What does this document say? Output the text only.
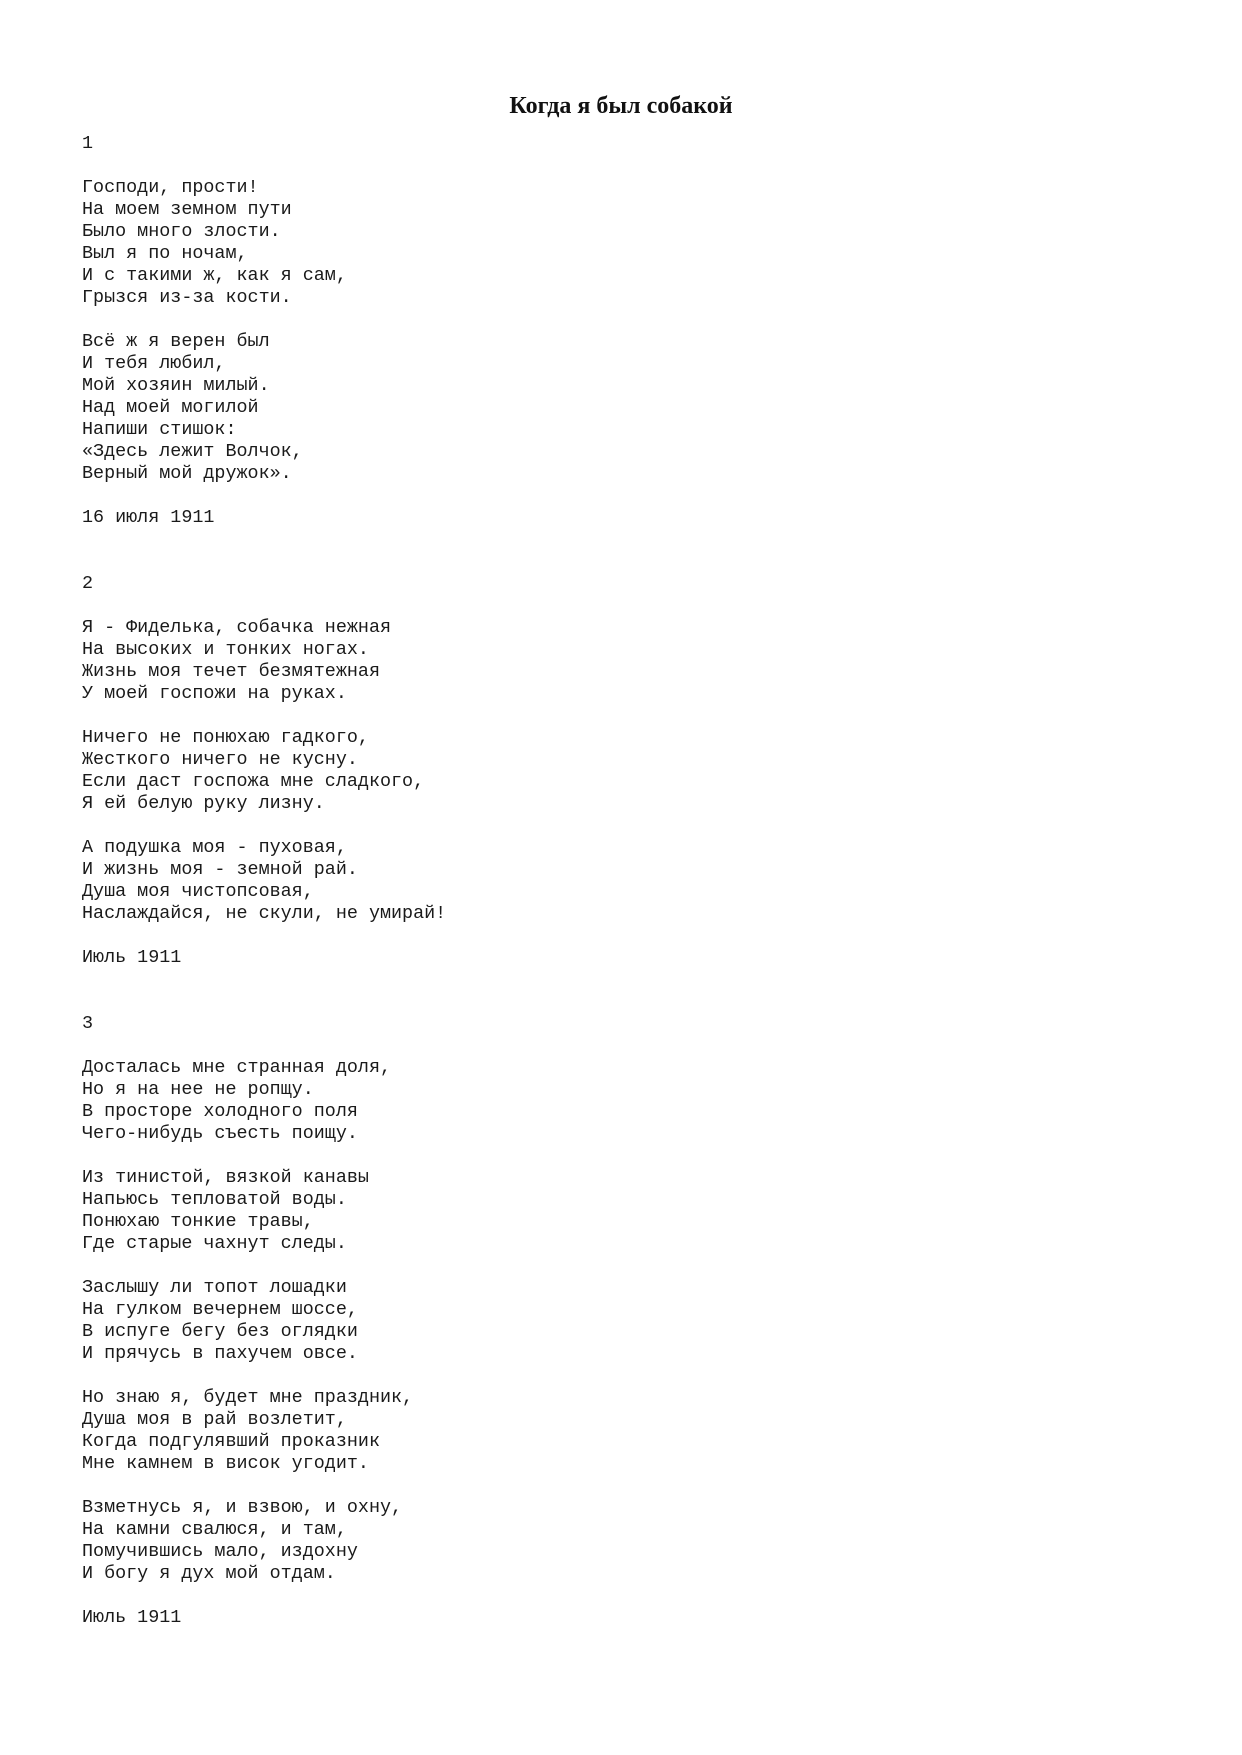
Когда я был собакой
1
Господи, прости!
На моем земном пути
Было много злости.
Выл я по ночам,
И с такими ж, как я сам,
Грызся из-за кости.
Всё ж я верен был
И тебя любил,
Мой хозяин милый.
Над моей могилой
Напиши стишок:
«Здесь лежит Волчок,
Верный мой дружок».
16 июля 1911
2
Я - Фиделька, собачка нежная
На высоких и тонких ногах.
Жизнь моя течет безмятежная
У моей госпожи на руках.
Ничего не понюхаю гадкого,
Жесткого ничего не кусну.
Если даст госпожа мне сладкого,
Я ей белую руку лизну.
А подушка моя - пуховая,
И жизнь моя - земной рай.
Душа моя чистопсовая,
Наслаждайся, не скули, не умирай!
Июль 1911
3
Досталась мне странная доля,
Но я на нее не ропщу.
В просторе холодного поля
Чего-нибудь съесть поищу.
Из тинистой, вязкой канавы
Напьюсь тепловатой воды.
Понюхаю тонкие травы,
Где старые чахнут следы.
Заслышу ли топот лошадки
На гулком вечернем шоссе,
В испуге бегу без оглядки
И прячусь в пахучем овсе.
Но знаю я, будет мне праздник,
Душа моя в рай возлетит,
Когда подгулявший проказник
Мне камнем в висок угодит.
Взметнусь я, и взвою, и охну,
На камни свалюся, и там,
Помучившись мало, издохну
И богу я дух мой отдам.
Июль 1911
